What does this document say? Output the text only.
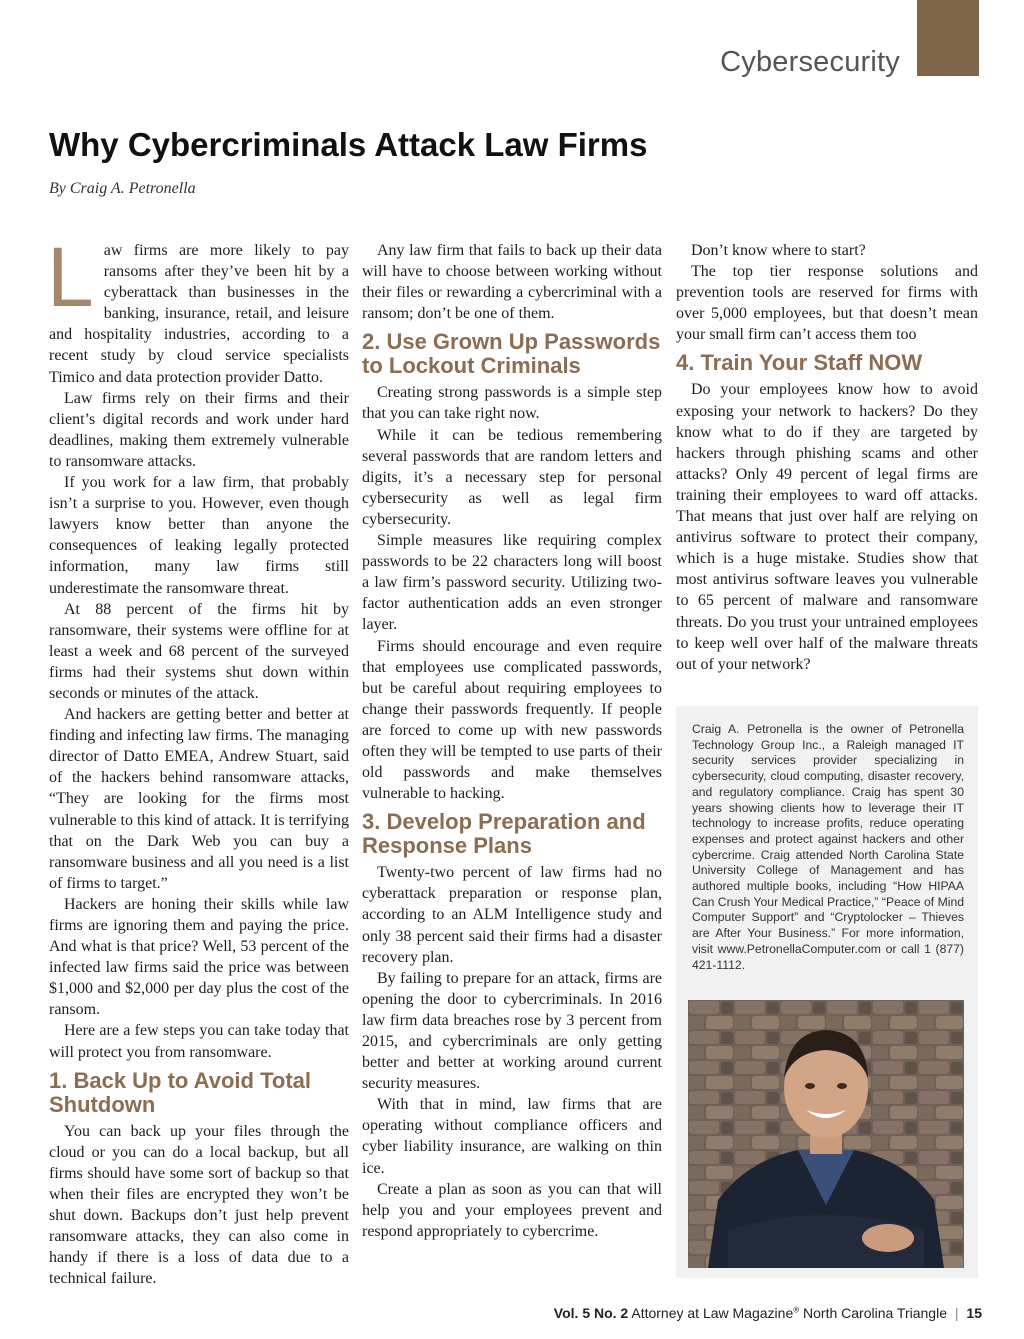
Cybersecurity
Why Cybercriminals Attack Law Firms
By Craig A. Petronella

Law firms are more likely to pay ransoms after they’ve been hit by a cyberattack than businesses in the banking, insurance, retail, and leisure and hospitality industries, according to a recent study by cloud service specialists Timico and data protection provider Datto.

Law firms rely on their firms and their client’s digital records and work under hard deadlines, making them extremely vulnerable to ransomware attacks.

If you work for a law firm, that probably isn’t a surprise to you. However, even though lawyers know better than anyone the consequences of leaking legally protected information, many law firms still underestimate the ransomware threat.

At 88 percent of the firms hit by ransomware, their systems were offline for at least a week and 68 percent of the surveyed firms had their systems shut down within seconds or minutes of the attack.

And hackers are getting better and better at finding and infecting law firms. The managing director of Datto EMEA, Andrew Stuart, said of the hackers behind ransomware attacks, “They are looking for the firms most vulnerable to this kind of attack. It is terrifying that on the Dark Web you can buy a ransomware business and all you need is a list of firms to target.”

Hackers are honing their skills while law firms are ignoring them and paying the price. And what is that price? Well, 53 percent of the infected law firms said the price was between $1,000 and $2,000 per day plus the cost of the ransom.

Here are a few steps you can take today that will protect you from ransomware.

1. Back Up to Avoid Total Shutdown

You can back up your files through the cloud or you can do a local backup, but all firms should have some sort of backup so that when their files are encrypted they won’t be shut down. Backups don’t just help prevent ransomware attacks, they can also come in handy if there is a loss of data due to a technical failure.

Any law firm that fails to back up their data will have to choose between working without their files or rewarding a cybercriminal with a ransom; don’t be one of them.

2. Use Grown Up Passwords to Lockout Criminals

Creating strong passwords is a simple step that you can take right now.

While it can be tedious remembering several passwords that are random letters and digits, it’s a necessary step for personal cybersecurity as well as legal firm cybersecurity.

Simple measures like requiring complex passwords to be 22 characters long will boost a law firm’s password security. Utilizing two-factor authentication adds an even stronger layer.

Firms should encourage and even require that employees use complicated passwords, but be careful about requiring employees to change their passwords frequently. If people are forced to come up with new passwords often they will be tempted to use parts of their old passwords and make themselves vulnerable to hacking.

3. Develop Preparation and Response Plans

Twenty-two percent of law firms had no cyberattack preparation or response plan, according to an ALM Intelligence study and only 38 percent said their firms had a disaster recovery plan.

By failing to prepare for an attack, firms are opening the door to cybercriminals. In 2016 law firm data breaches rose by 3 percent from 2015, and cybercriminals are only getting better and better at working around current security measures.

With that in mind, law firms that are operating without compliance officers and cyber liability insurance, are walking on thin ice.

Create a plan as soon as you can that will help you and your employees prevent and respond appropriately to cybercrime.

Don’t know where to start?

The top tier response solutions and prevention tools are reserved for firms with over 5,000 employees, but that doesn’t mean your small firm can’t access them too

4. Train Your Staff NOW

Do your employees know how to avoid exposing your network to hackers? Do they know what to do if they are targeted by hackers through phishing scams and other attacks? Only 49 percent of legal firms are training their employees to ward off attacks. That means that just over half are relying on antivirus software to protect their company, which is a huge mistake. Studies show that most antivirus software leaves you vulnerable to 65 percent of malware and ransomware threats. Do you trust your untrained employees to keep well over half of the malware threats out of your network?

Craig A. Petronella is the owner of Petronella Technology Group Inc., a Raleigh managed IT security services provider specializing in cybersecurity, cloud computing, disaster recovery, and regulatory compliance. Craig has spent 30 years showing clients how to leverage their IT technology to increase profits, reduce operating expenses and protect against hackers and other cybercrime. Craig attended North Carolina State University College of Management and has authored multiple books, including “How HIPAA Can Crush Your Medical Practice,” “Peace of Mind Computer Support” and “Cryptolocker – Thieves are After Your Business.” For more information, visit www.PetronellaComputer.com or call 1 (877) 421-1112.
Vol. 5 No. 2 Attorney at Law Magazine® North Carolina Triangle | 15
